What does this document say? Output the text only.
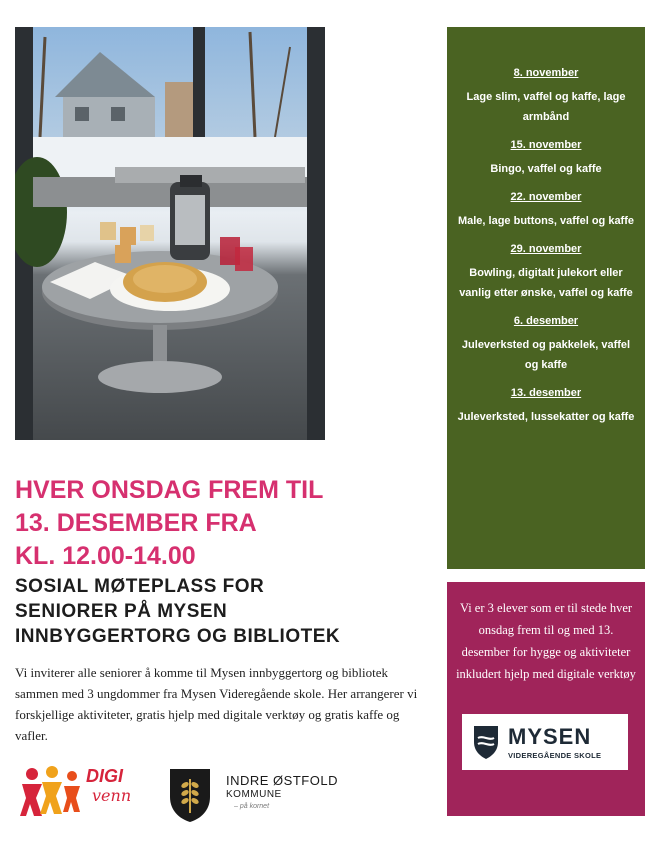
HVER ONSDAG FREM TIL
13. DESEMBER FRA
KL. 12.00-14.00
SOSIAL MØTEPLASS FOR
SENIORER PÅ MYSEN
INNBYGGERTORG OG BIBLIOTEK
Vi inviterer alle seniorer å komme til Mysen innbyggertorg og bibliotek sammen med 3 ungdommer fra Mysen Videregående skole. Her arrangerer vi forskjellige aktiviteter, gratis hjelp med digitale verktøy og gratis kaffe og vafler.
8. november
Lage slim, vaffel og kaffe, lage armbånd
15. november
Bingo, vaffel og kaffe
22. november
Male, lage buttons, vaffel og kaffe
29. november
Bowling, digitalt julekort eller vanlig etter ønske, vaffel og kaffe
6. desember
Juleverksted og pakkelek, vaffel og kaffe
13. desember
Juleverksted, lussekatter og kaffe
Vi er 3 elever som er til stede hver onsdag frem til og med 13. desember for hygge og aktiviteter inkludert hjelp med digitale verktøy
MYSEN
VIDEREGÅENDE SKOLE
DIGI
venn
INDRE ØSTFOLD
KOMMUNE
– på kornet
